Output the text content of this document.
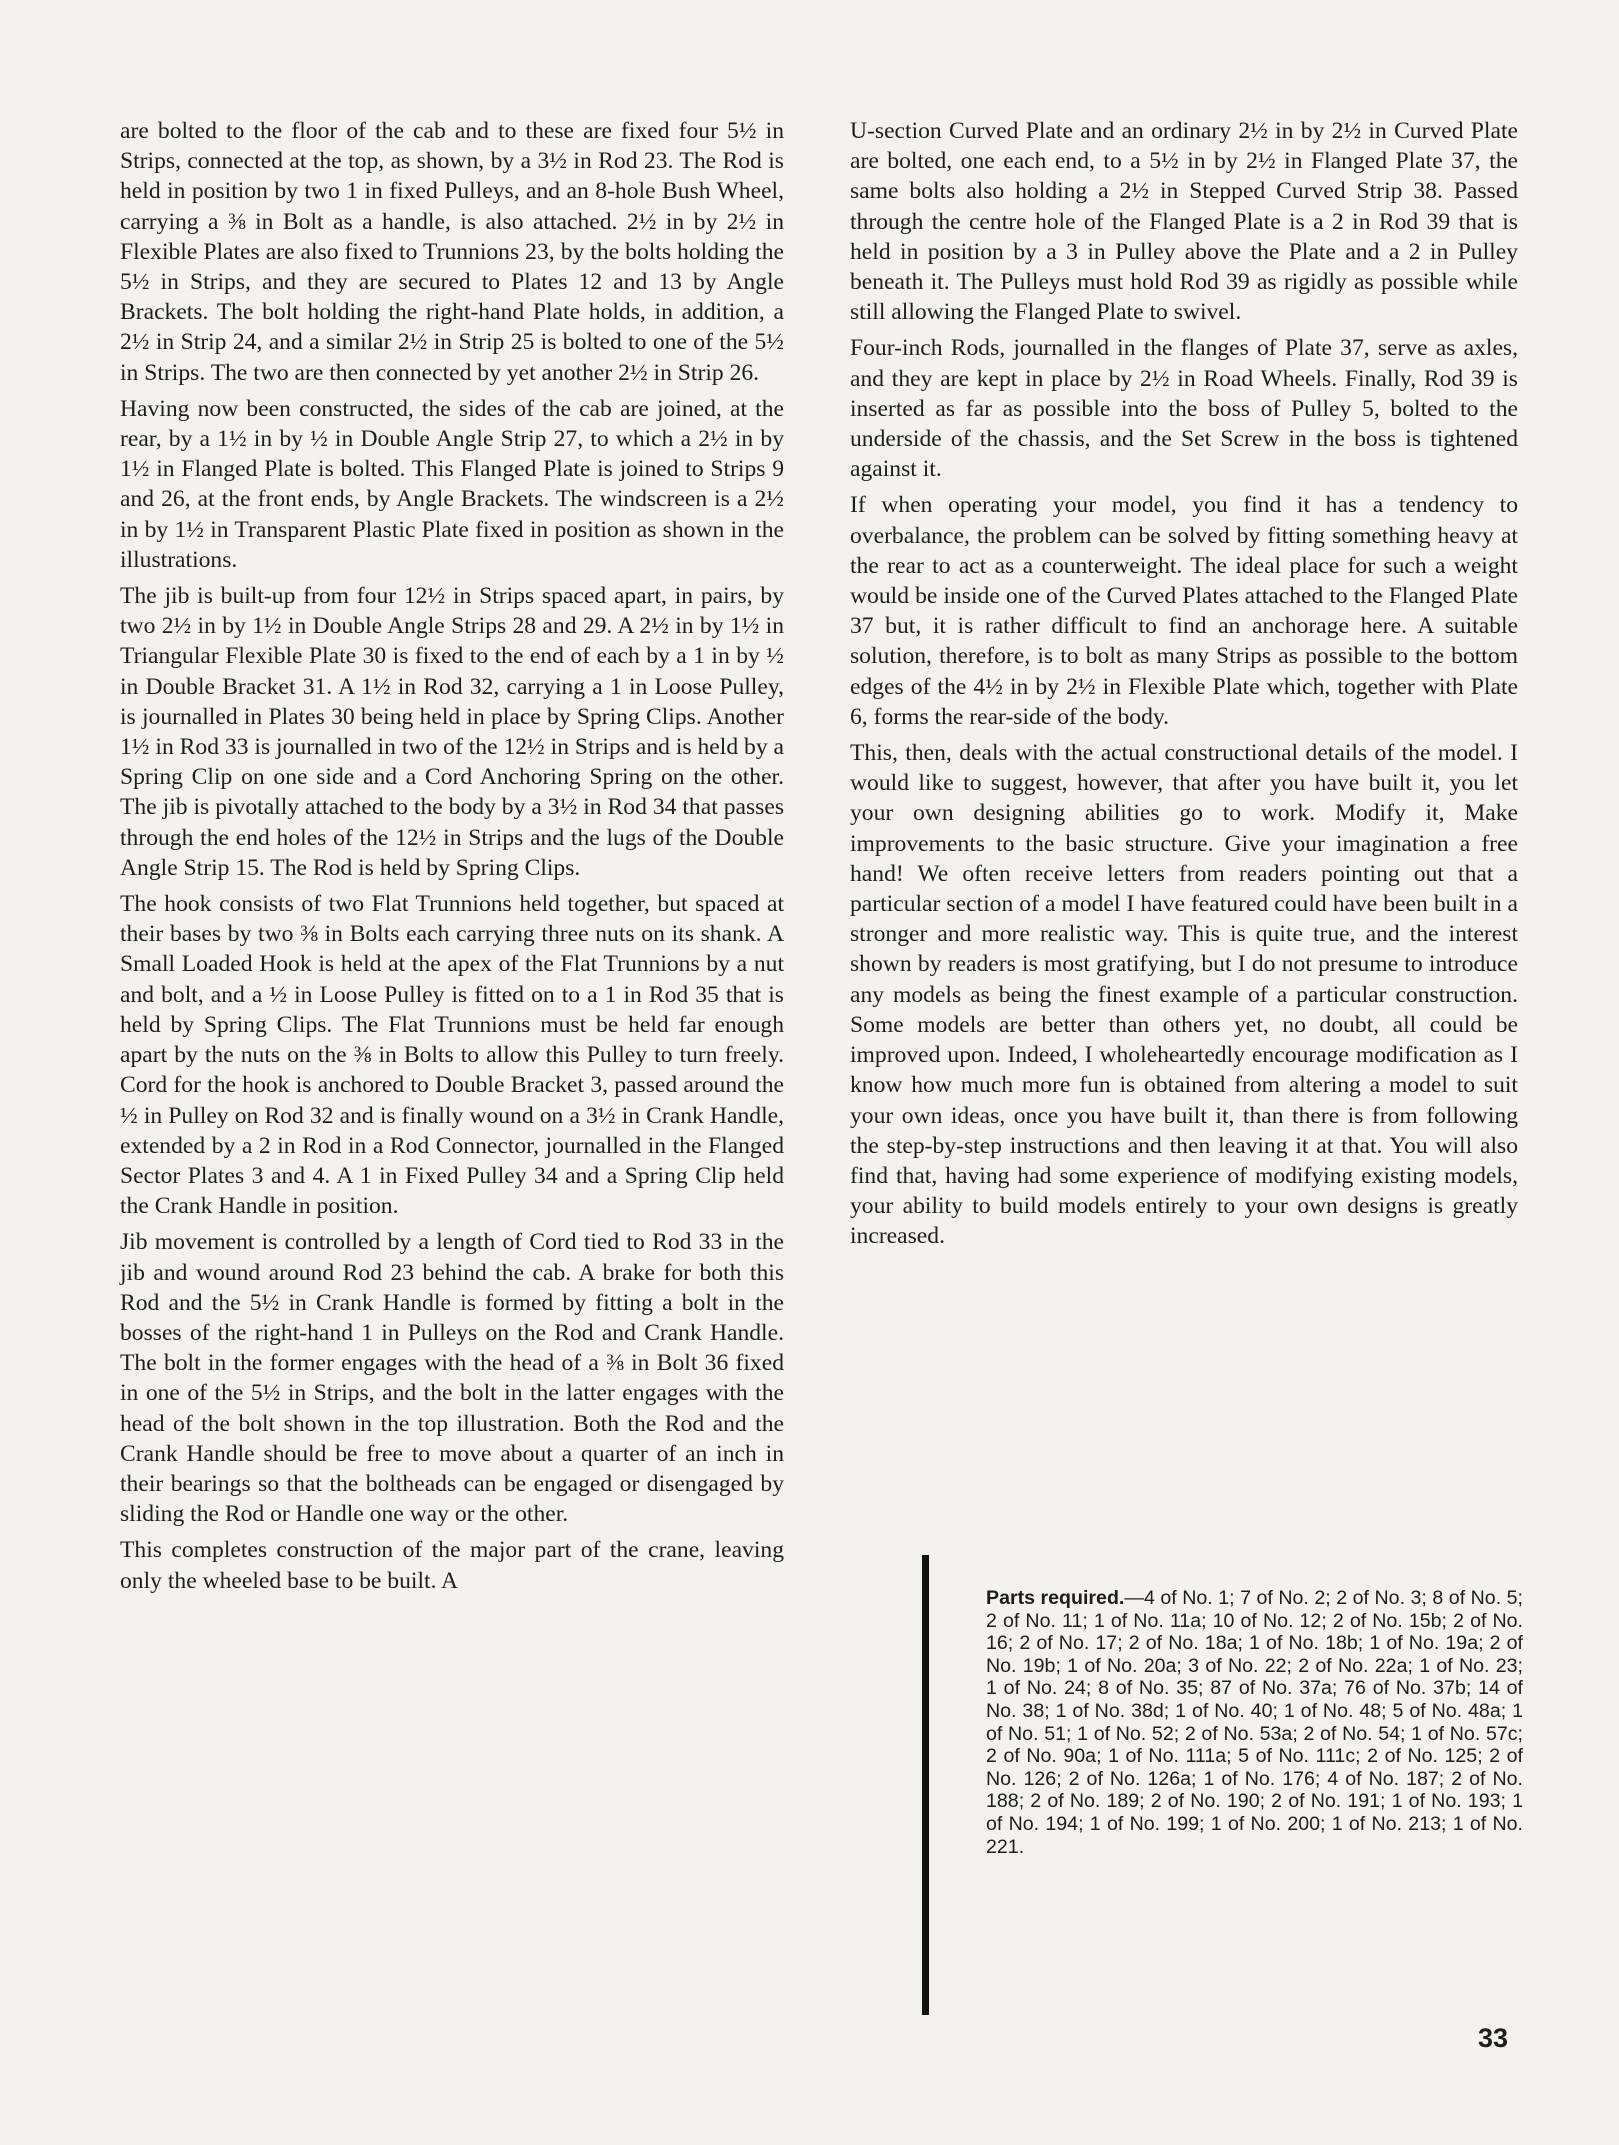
are bolted to the floor of the cab and to these are fixed four 5½ in Strips, connected at the top, as shown, by a 3½ in Rod 23. The Rod is held in position by two 1 in fixed Pulleys, and an 8-hole Bush Wheel, carrying a ⅜ in Bolt as a handle, is also attached. 2½ in by 2½ in Flexible Plates are also fixed to Trunnions 23, by the bolts holding the 5½ in Strips, and they are secured to Plates 12 and 13 by Angle Brackets. The bolt holding the right-hand Plate holds, in addition, a 2½ in Strip 24, and a similar 2½ in Strip 25 is bolted to one of the 5½ in Strips. The two are then connected by yet another 2½ in Strip 26.

Having now been constructed, the sides of the cab are joined, at the rear, by a 1½ in by ½ in Double Angle Strip 27, to which a 2½ in by 1½ in Flanged Plate is bolted. This Flanged Plate is joined to Strips 9 and 26, at the front ends, by Angle Brackets. The windscreen is a 2½ in by 1½ in Transparent Plastic Plate fixed in position as shown in the illustrations.

The jib is built-up from four 12½ in Strips spaced apart, in pairs, by two 2½ in by 1½ in Double Angle Strips 28 and 29. A 2½ in by 1½ in Triangular Flexible Plate 30 is fixed to the end of each by a 1 in by ½ in Double Bracket 31. A 1½ in Rod 32, carrying a 1 in Loose Pulley, is journalled in Plates 30 being held in place by Spring Clips. Another 1½ in Rod 33 is journalled in two of the 12½ in Strips and is held by a Spring Clip on one side and a Cord Anchoring Spring on the other. The jib is pivotally attached to the body by a 3½ in Rod 34 that passes through the end holes of the 12½ in Strips and the lugs of the Double Angle Strip 15. The Rod is held by Spring Clips.

The hook consists of two Flat Trunnions held together, but spaced at their bases by two ⅜ in Bolts each carrying three nuts on its shank. A Small Loaded Hook is held at the apex of the Flat Trunnions by a nut and bolt, and a ½ in Loose Pulley is fitted on to a 1 in Rod 35 that is held by Spring Clips. The Flat Trunnions must be held far enough apart by the nuts on the ⅜ in Bolts to allow this Pulley to turn freely. Cord for the hook is anchored to Double Bracket 3, passed around the ½ in Pulley on Rod 32 and is finally wound on a 3½ in Crank Handle, extended by a 2 in Rod in a Rod Connector, journalled in the Flanged Sector Plates 3 and 4. A 1 in Fixed Pulley 34 and a Spring Clip held the Crank Handle in position.

Jib movement is controlled by a length of Cord tied to Rod 33 in the jib and wound around Rod 23 behind the cab. A brake for both this Rod and the 5½ in Crank Handle is formed by fitting a bolt in the bosses of the right-hand 1 in Pulleys on the Rod and Crank Handle. The bolt in the former engages with the head of a ⅜ in Bolt 36 fixed in one of the 5½ in Strips, and the bolt in the latter engages with the head of the bolt shown in the top illustration. Both the Rod and the Crank Handle should be free to move about a quarter of an inch in their bearings so that the boltheads can be engaged or disengaged by sliding the Rod or Handle one way or the other.

This completes construction of the major part of the crane, leaving only the wheeled base to be built. A

U-section Curved Plate and an ordinary 2½ in by 2½ in Curved Plate are bolted, one each end, to a 5½ in by 2½ in Flanged Plate 37, the same bolts also holding a 2½ in Stepped Curved Strip 38. Passed through the centre hole of the Flanged Plate is a 2 in Rod 39 that is held in position by a 3 in Pulley above the Plate and a 2 in Pulley beneath it. The Pulleys must hold Rod 39 as rigidly as possible while still allowing the Flanged Plate to swivel.

Four-inch Rods, journalled in the flanges of Plate 37, serve as axles, and they are kept in place by 2½ in Road Wheels. Finally, Rod 39 is inserted as far as possible into the boss of Pulley 5, bolted to the underside of the chassis, and the Set Screw in the boss is tightened against it.

If when operating your model, you find it has a tendency to overbalance, the problem can be solved by fitting something heavy at the rear to act as a counterweight. The ideal place for such a weight would be inside one of the Curved Plates attached to the Flanged Plate 37 but, it is rather difficult to find an anchorage here. A suitable solution, therefore, is to bolt as many Strips as possible to the bottom edges of the 4½ in by 2½ in Flexible Plate which, together with Plate 6, forms the rear-side of the body.

This, then, deals with the actual constructional details of the model. I would like to suggest, however, that after you have built it, you let your own designing abilities go to work. Modify it, Make improvements to the basic structure. Give your imagination a free hand! We often receive letters from readers pointing out that a particular section of a model I have featured could have been built in a stronger and more realistic way. This is quite true, and the interest shown by readers is most gratifying, but I do not presume to introduce any models as being the finest example of a particular construction. Some models are better than others yet, no doubt, all could be improved upon. Indeed, I wholeheartedly encourage modification as I know how much more fun is obtained from altering a model to suit your own ideas, once you have built it, than there is from following the step-by-step instructions and then leaving it at that. You will also find that, having had some experience of modifying existing models, your ability to build models entirely to your own designs is greatly increased.

Parts required.—4 of No. 1; 7 of No. 2; 2 of No. 3; 8 of No. 5; 2 of No. 11; 1 of No. 11a; 10 of No. 12; 2 of No. 15b; 2 of No. 16; 2 of No. 17; 2 of No. 18a; 1 of No. 18b; 1 of No. 19a; 2 of No. 19b; 1 of No. 20a; 3 of No. 22; 2 of No. 22a; 1 of No. 23; 1 of No. 24; 8 of No. 35; 87 of No. 37a; 76 of No. 37b; 14 of No. 38; 1 of No. 38d; 1 of No. 40; 1 of No. 48; 5 of No. 48a; 1 of No. 51; 1 of No. 52; 2 of No. 53a; 2 of No. 54; 1 of No. 57c; 2 of No. 90a; 1 of No. 111a; 5 of No. 111c; 2 of No. 125; 2 of No. 126; 2 of No. 126a; 1 of No. 176; 4 of No. 187; 2 of No. 188; 2 of No. 189; 2 of No. 190; 2 of No. 191; 1 of No. 193; 1 of No. 194; 1 of No. 199; 1 of No. 200; 1 of No. 213; 1 of No. 221.
33
